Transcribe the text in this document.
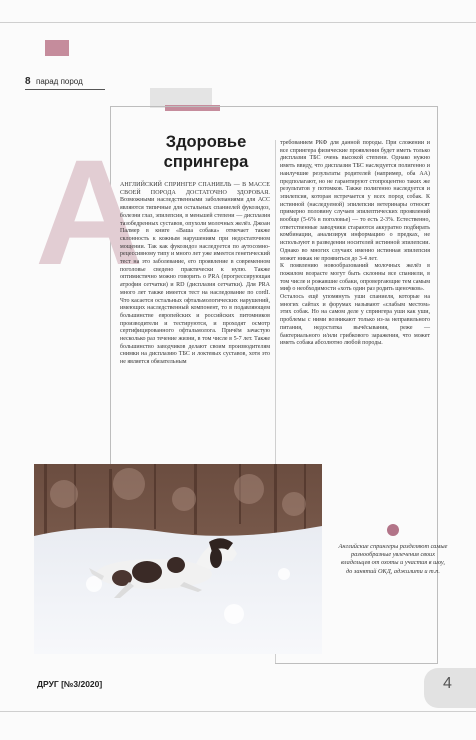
8 парад пород
А	Здоровье
спрингера

АНГЛИЙСКИЙ СПРИНГЕР СПАНИЕЛЬ — В МАССЕ СВОЕЙ ПОРОДА ДОСТАТОЧНО ЗДОРОВАЯ. Возможными наследственными заболеваниями для АСС являются типичные для остальных спаниелей фукозидоз, болезни глаз, эпилепсия, в меньшей степени — дисплазия тазобедренных суставов, опухоли молочных желёз. Джоан Палмер в книге «Ваша собака» отмечает также склонность к кожным нарушениям при недостаточном мощении. Так как фукозидоз наследуется по аутосомно-рецессивному типу и много лет уже имеется генетический тест на это заболевание, его проявление в современном поголовье сведено практически к нулю. Также оптимистично можно говорить о PRA (прогрессирующая атрофия сетчатки) и RD (дисплазия сетчатки). Для PRA много лет также имеется тест на наследование по cordI. Что касается остальных офтальмологических нарушений, имеющих наследственный компонент, то в подавляющем большинстве европейских и российских питомников производители и тестируются, и проходят осмотр сертифицированного офтальмолога. Причём зачастую несколько раз течение жизни, в том числе в 5-7 лет. Также большинство заводчиков делают своим производителям снимки на дисплазию ТБС и локтевых суставов, хотя это не является обязательным

требованием РКФ для данной породы. При сложении и все спрингера физические проявления будет иметь только дисплазия ТБС очень высокой степени. Однако нужно иметь ввиду, что дисплазия ТБС наследуется полигенно и наилучшие результаты родителей (например, оба АА) предполагают, но не гарантируют стопроцентно таких же результатов у потомков. Также полигенно наследуется и эпилепсия, которая встречается у всех пород собак. К истинной (наследуемой) эпилепсии ветеринары относят примерно половину случаев эпилептических проявлений вообще (5-6% в поголовье) — то есть 2-3%. Естественно, ответственные заводчики стараются аккуратно подбирать комбинации, анализируя информацию о предках, не используют в разведении носителей истинной эпилепсии. Однако во многих случаях именно истинная эпилепсия может никак не проявиться до 3-4 лет.

К появлению новообразований молочных желёз в пожилом возрасте могут быть склонны все спаниели, в том числе и рожавшие собаки, опровергающие тем самым миф о необходимости «хоть один раз родить щеночков».

Осталось ещё упомянуть уши спаниеля, которые на многих сайтах и форумах называют «слабым местом» этих собак. Но на самом деле у спрингера уши как уши, проблемы с ними возникают только из-за неправильного питания, недостатка вычёсывания, реже — бактериального и/или грибкового заражения, что может иметь собака абсолютно любой породы.

Английские спрингеры разделяют самые разнообразные увлечения своих владельцев от охоты и участия в шоу, до занятий ОКД, аджилити и т.п.
ДРУГ [№3/2020]	4
